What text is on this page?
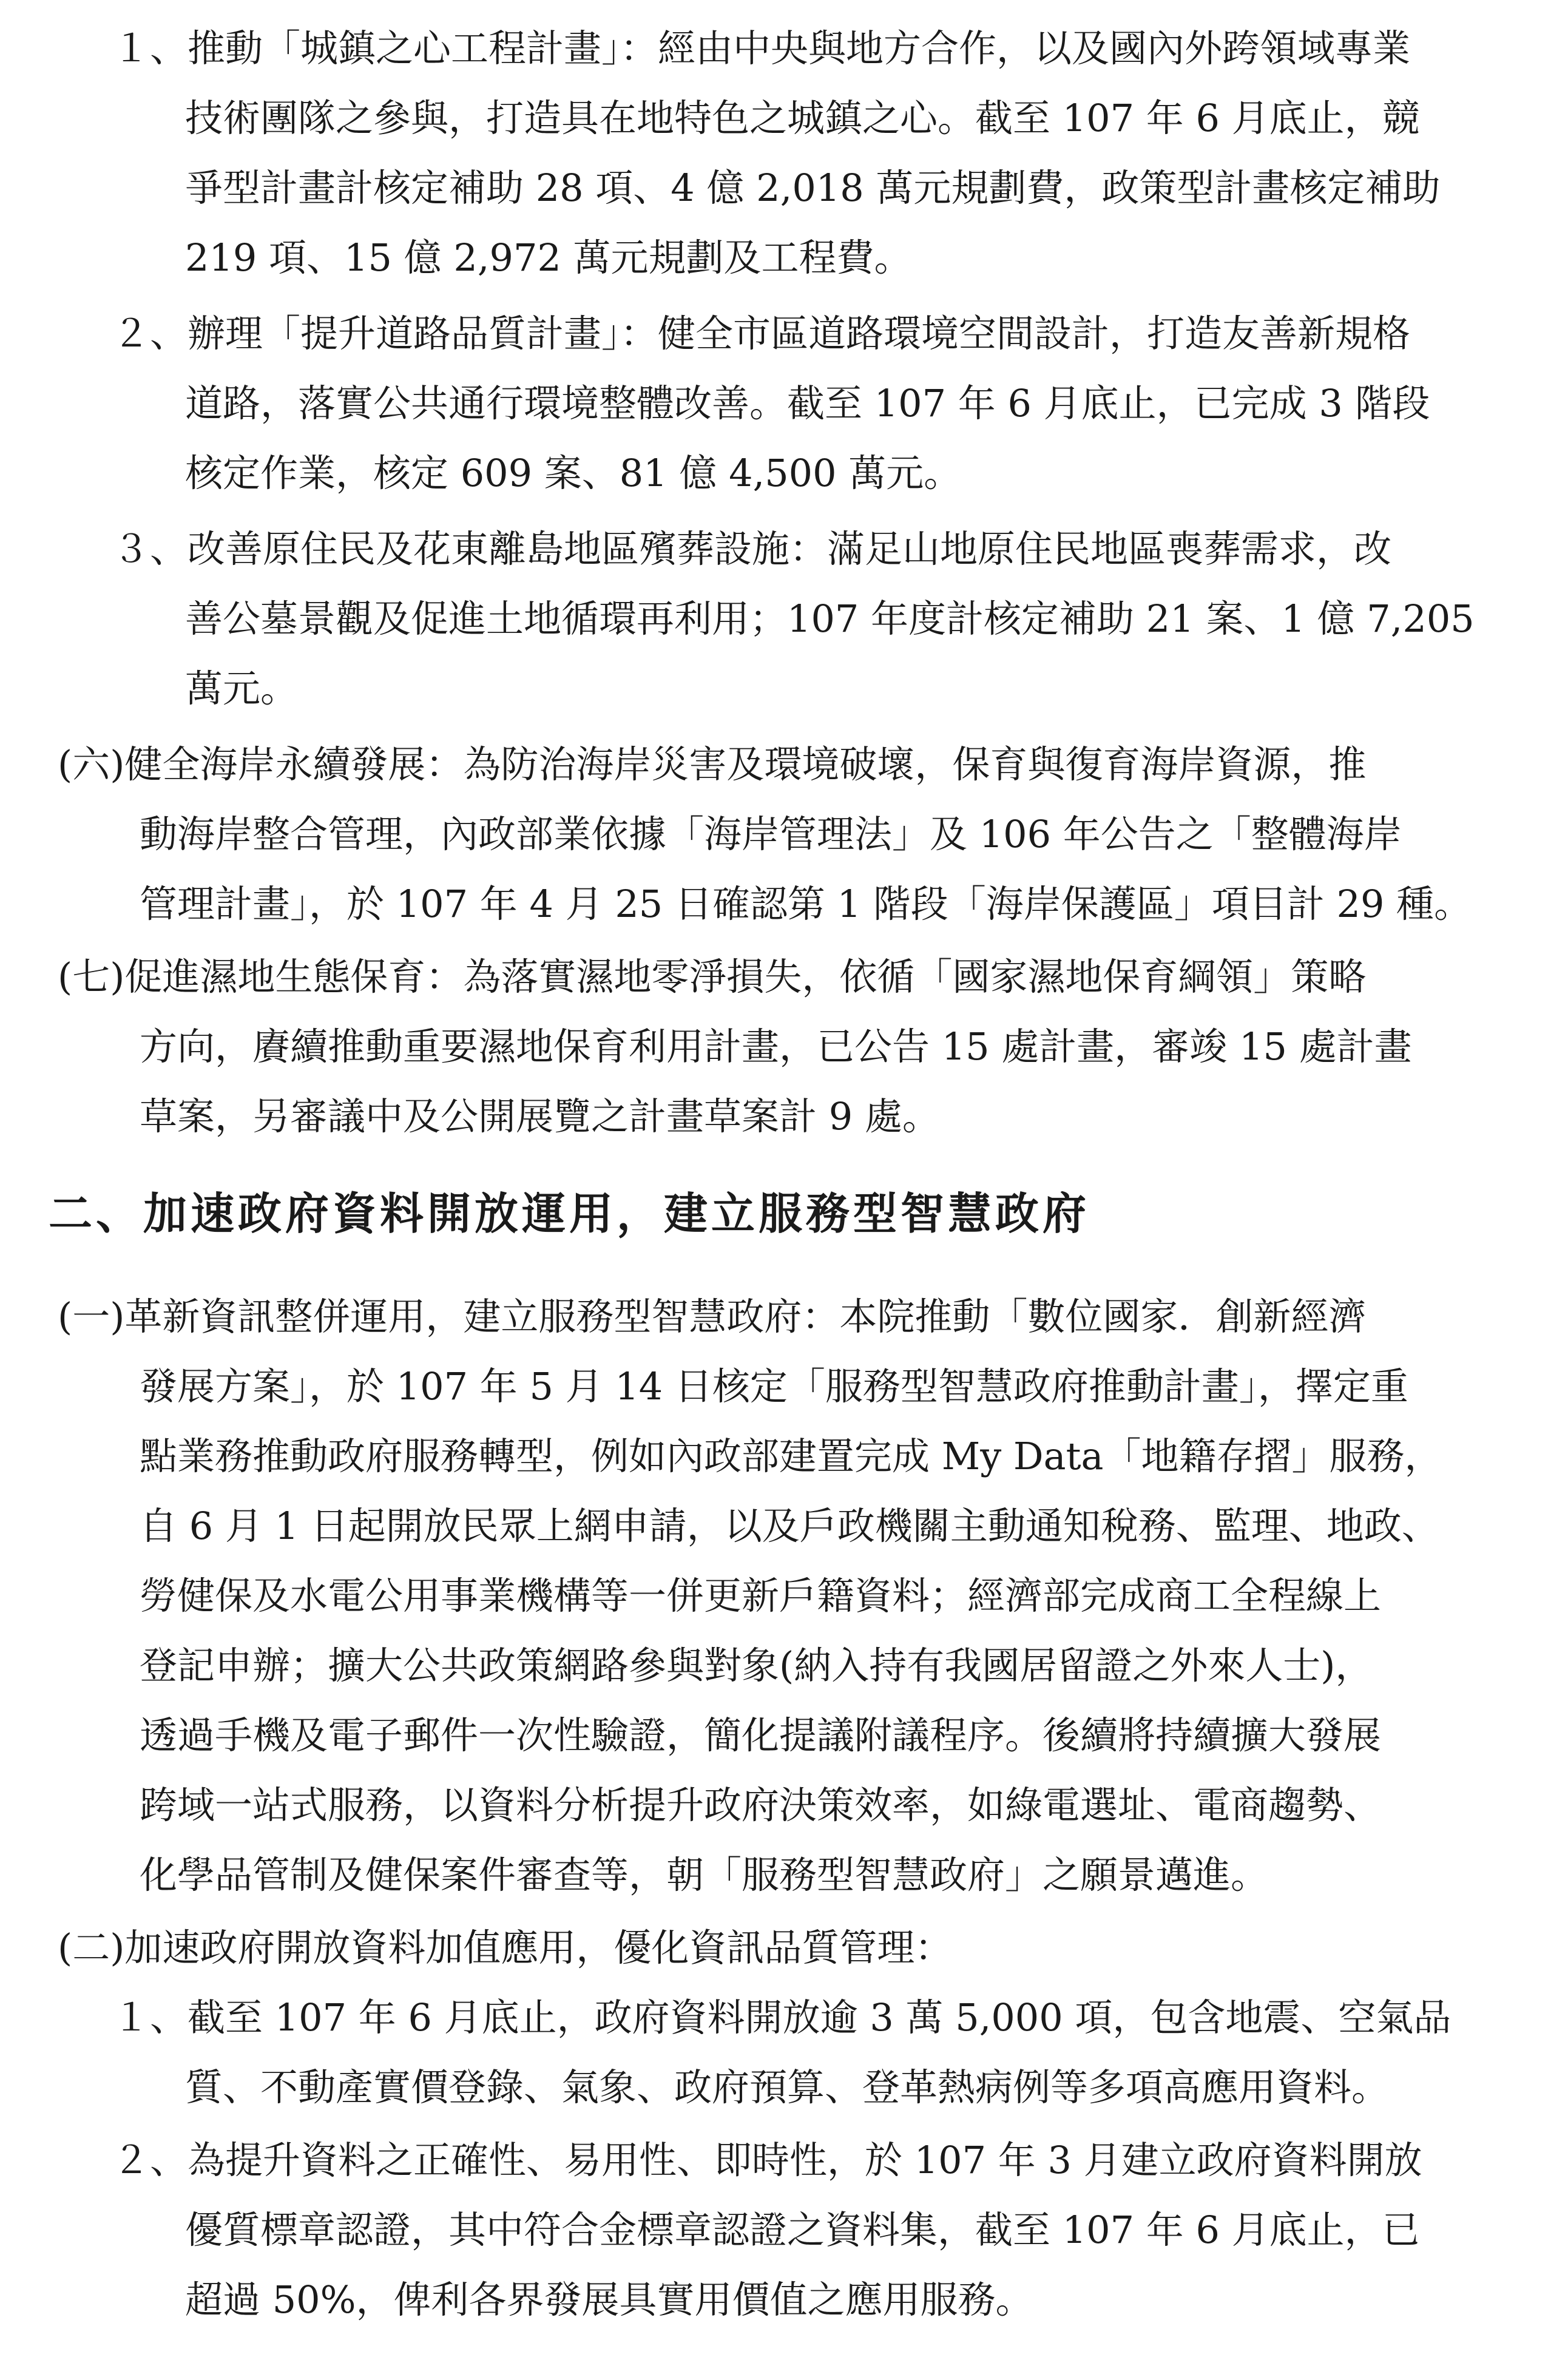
１、推動「城鎮之心工程計畫」：經由中央與地方合作，以及國內外跨領域專業
技術團隊之參與，打造具在地特色之城鎮之心。截至 107 年 6 月底止，競
爭型計畫計核定補助 28 項、4 億 2,018 萬元規劃費，政策型計畫核定補助
219 項、15 億 2,972 萬元規劃及工程費。
２、辦理「提升道路品質計畫」：健全市區道路環境空間設計，打造友善新規格
道路，落實公共通行環境整體改善。截至 107 年 6 月底止，已完成 3 階段
核定作業，核定 609 案、81 億 4,500 萬元。
３、改善原住民及花東離島地區殯葬設施：滿足山地原住民地區喪葬需求，改
善公墓景觀及促進土地循環再利用；107 年度計核定補助 21 案、1 億 7,205
萬元。
(六)健全海岸永續發展：為防治海岸災害及環境破壞，保育與復育海岸資源，推
動海岸整合管理，內政部業依據「海岸管理法」及 106 年公告之「整體海岸
管理計畫」，於 107 年 4 月 25 日確認第 1 階段「海岸保護區」項目計 29 種。
(七)促進濕地生態保育：為落實濕地零淨損失，依循「國家濕地保育綱領」策略
方向，賡續推動重要濕地保育利用計畫，已公告 15 處計畫，審竣 15 處計畫
草案，另審議中及公開展覽之計畫草案計 9 處。
二、加速政府資料開放運用，建立服務型智慧政府
(一)革新資訊整併運用，建立服務型智慧政府：本院推動「數位國家．創新經濟
發展方案」，於 107 年 5 月 14 日核定「服務型智慧政府推動計畫」，擇定重
點業務推動政府服務轉型，例如內政部建置完成 My Data「地籍存摺」服務，
自 6 月 1 日起開放民眾上網申請，以及戶政機關主動通知稅務、監理、地政、
勞健保及水電公用事業機構等一併更新戶籍資料；經濟部完成商工全程線上
登記申辦；擴大公共政策網路參與對象(納入持有我國居留證之外來人士)，
透過手機及電子郵件一次性驗證，簡化提議附議程序。後續將持續擴大發展
跨域一站式服務，以資料分析提升政府決策效率，如綠電選址、電商趨勢、
化學品管制及健保案件審查等，朝「服務型智慧政府」之願景邁進。
(二)加速政府開放資料加值應用，優化資訊品質管理：
１、截至 107 年 6 月底止，政府資料開放逾 3 萬 5,000 項，包含地震、空氣品
質、不動產實價登錄、氣象、政府預算、登革熱病例等多項高應用資料。
２、為提升資料之正確性、易用性、即時性，於 107 年 3 月建立政府資料開放
優質標章認證，其中符合金標章認證之資料集，截至 107 年 6 月底止，已
超過 50%，俾利各界發展具實用價值之應用服務。
